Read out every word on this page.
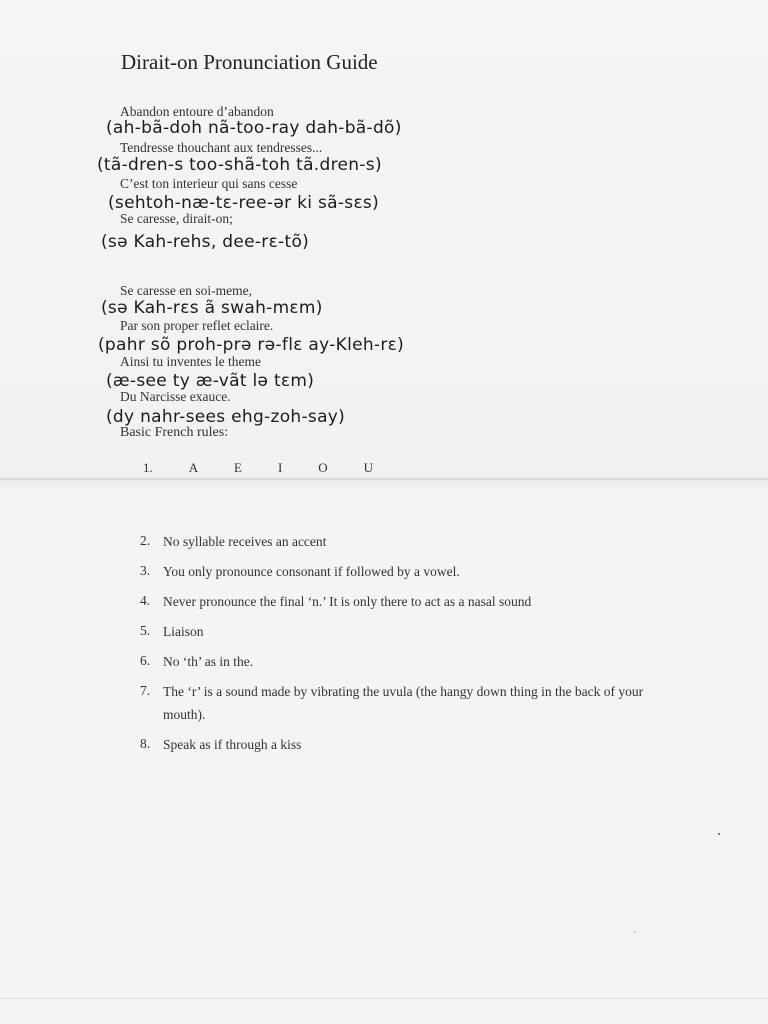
Dirait-on Pronunciation Guide
Abandon entoure d’abandon
(ah-bã-doh nã-too-ray dah-bã-dõ)
Tendresse thouchant aux tendresses...
(tã-dren-s too-shã-toh tã.dren-s)
C’est ton interieur qui sans cesse
(sehtoh-næ-tɛ-ree-ər ki sã-sɛs)
Se caresse, dirait-on;
(sə Kah-rehs, dee-rɛ-tõ)
Se caresse en soi-meme,
(sə Kah-rɛs ã swah-mɛm)
Par son proper reflet eclaire.
(pahr sõ proh-prə rə-flɛ ay-Kleh-rɛ)
Ainsi tu inventes le theme
(æ-see ty æ-vãt lə tɛm)
Du Narcisse exauce.
(dy nahr-sees ehg-zoh-say)
Basic French rules:
1.	A	E	I	O	U
2. No syllable receives an accent
3. You only pronounce consonant if followed by a vowel.
4. Never pronounce the final ‘n.’ It is only there to act as a nasal sound
5. Liaison
6. No ‘th’ as in the.
7. The ‘r’ is a sound made by vibrating the uvula (the hangy down thing in the back of your mouth).
8. Speak as if through a kiss
